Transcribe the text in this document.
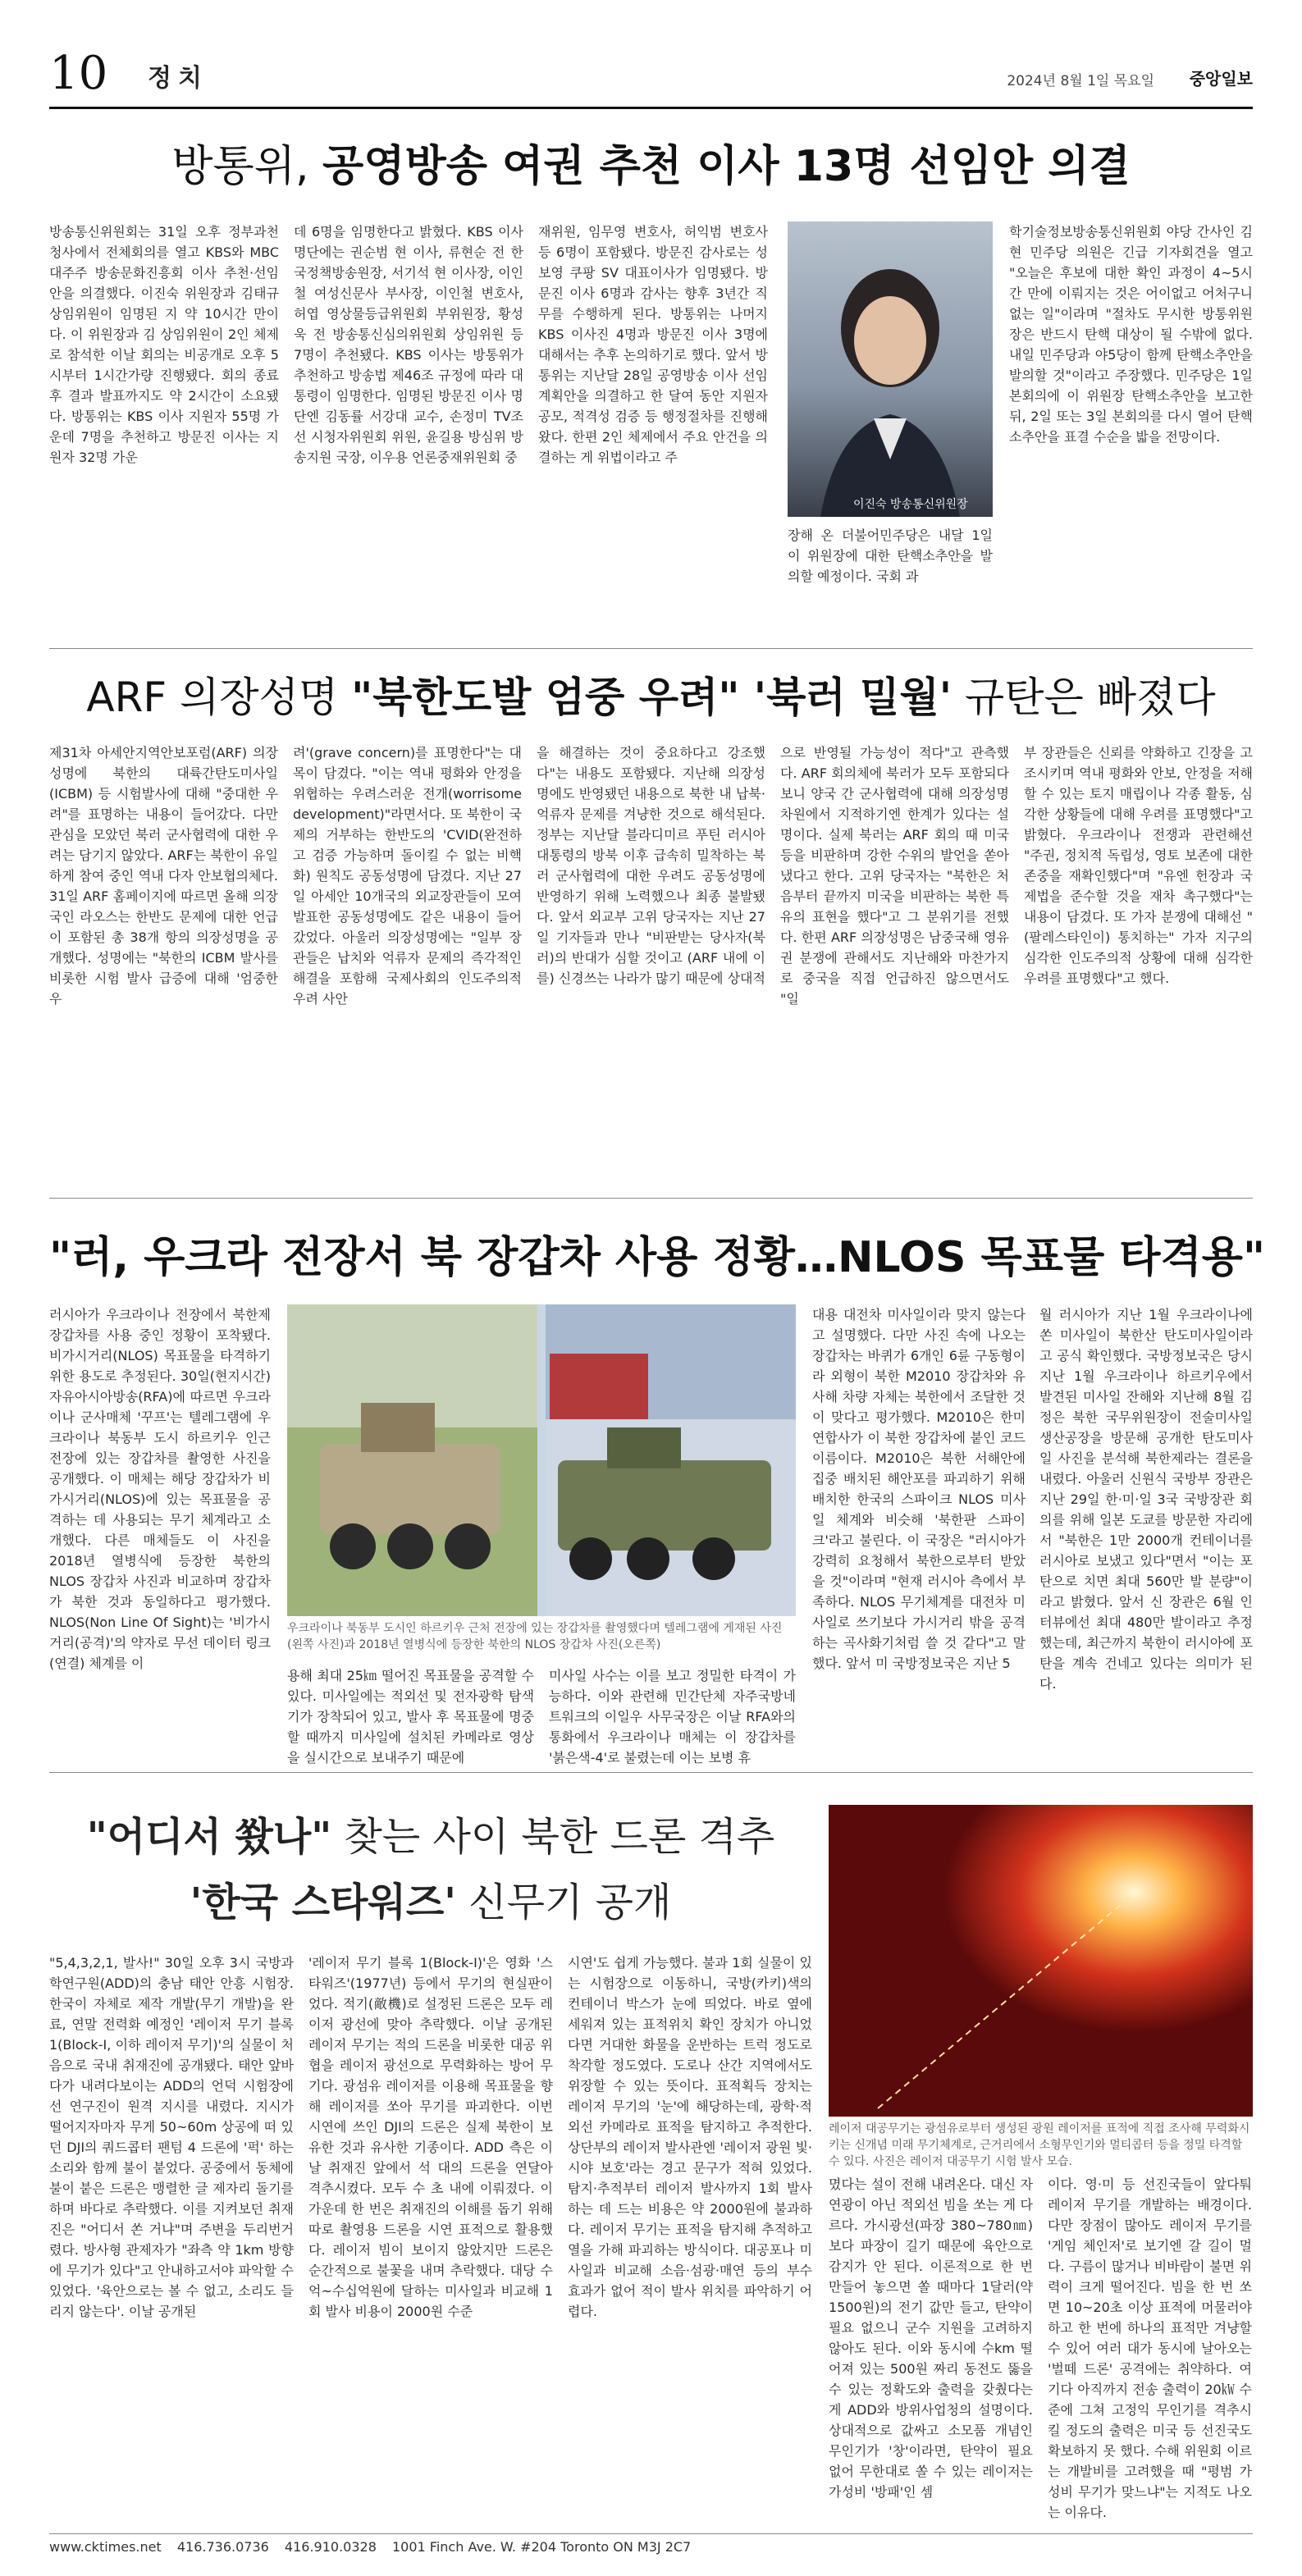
10 정치	2024년 8월 1일 목요일 중앙일보
방통위, 공영방송 여권 추천 이사 13명 선임안 의결
방송통신위원회는 31일 오후 정부과천청사에서 전체회의를 열고 KBS와 MBC 대주주 방송문화진흥회 이사 추천·선임안을 의결했다. 이진숙 위원장과 김태규 상임위원이 임명된 지 약 10시간 만이다. 이 위원장과 김 상임위원이 2인 체제로 참석한 이날 회의는 비공개로 오후 5시부터 1시간가량 진행됐다. 회의 종료 후 결과 발표까지도 약 2시간이 소요됐다. 방통위는 KBS 이사 지원자 55명 가운데 7명을 추천하고 방문진 이사는 지원자 32명 가운
데 6명을 임명한다고 밝혔다. KBS 이사 명단에는 권순범 현 이사, 류현순 전 한국정책방송원장, 서기석 현 이사장, 이인철 여성신문사 부사장, 이인철 변호사, 허엽 영상물등급위원회 부위원장, 황성욱 전 방송통신심의위원회 상임위원 등 7명이 추천됐다. KBS 이사는 방통위가 추천하고 방송법 제46조 규정에 따라 대통령이 임명한다. 임명된 방문진 이사 명단엔 김동률 서강대 교수, 손정미 TV조선 시청자위원회 위원, 윤길용 방심위 방송지원 국장, 이우용 언론중재위원회 중
재위원, 임무영 변호사, 허익범 변호사 등 6명이 포함됐다. 방문진 감사로는 성보영 쿠팡 SV 대표이사가 임명됐다. 방문진 이사 6명과 감사는 향후 3년간 직무를 수행하게 된다. 방통위는 나머지 KBS 이사진 4명과 방문진 이사 3명에 대해서는 추후 논의하기로 했다. 앞서 방통위는 지난달 28일 공영방송 이사 선임 계획안을 의결하고 한 달여 동안 지원자 공모, 적격성 검증 등 행정절차를 진행해왔다. 한편 2인 체제에서 주요 안건을 의결하는 게 위법이라고 주
이진숙 방송통신위원장
장해 온 더불어민주당은 내달 1일 이 위원장에 대한 탄핵소추안을 발의할 예정이다. 국회 과
학기술정보방송통신위원회 야당 간사인 김현 민주당 의원은 긴급 기자회견을 열고 "오늘은 후보에 대한 확인 과정이 4~5시간 만에 이뤄지는 것은 어이없고 어처구니없는 일"이라며 "절차도 무시한 방통위원장은 반드시 탄핵 대상이 될 수밖에 없다. 내일 민주당과 야5당이 함께 탄핵소추안을 발의할 것"이라고 주장했다. 민주당은 1일 본회의에 이 위원장 탄핵소추안을 보고한 뒤, 2일 또는 3일 본회의를 다시 열어 탄핵소추안을 표결 수순을 밟을 전망이다.
ARF 의장성명 "북한도발 엄중 우려" '북러 밀월' 규탄은 빠졌다
제31차 아세안지역안보포럼(ARF) 의장성명에 북한의 대륙간탄도미사일(ICBM) 등 시험발사에 대해 "중대한 우려"를 표명하는 내용이 들어갔다. 다만 관심을 모았던 북러 군사협력에 대한 우려는 담기지 않았다. ARF는 북한이 유일하게 참여 중인 역내 다자 안보협의체다. 31일 ARF 홈페이지에 따르면 올해 의장국인 라오스는 한반도 문제에 대한 언급이 포함된 총 38개 항의 의장성명을 공개했다. 성명에는 "북한의 ICBM 발사를 비롯한 시험 발사 급증에 대해 '엄중한 우
려'(grave concern)를 표명한다"는 대목이 담겼다. "이는 역내 평화와 안정을 위협하는 우려스러운 전개(worrisome development)"라면서다. 또 북한이 국제의 거부하는 한반도의 'CVID(완전하고 검증 가능하며 돌이킬 수 없는 비핵화) 원칙도 공동성명에 담겼다. 지난 27일 아세안 10개국의 외교장관들이 모여 발표한 공동성명에도 같은 내용이 들어갔었다. 아울러 의장성명에는 "일부 장관들은 납치와 억류자 문제의 즉각적인 해결을 포함해 국제사회의 인도주의적 우려 사안
을 해결하는 것이 중요하다고 강조했다"는 내용도 포함됐다. 지난해 의장성명에도 반영됐던 내용으로 북한 내 납북·억류자 문제를 겨냥한 것으로 해석된다. 정부는 지난달 블라디미르 푸틴 러시아 대통령의 방북 이후 급속히 밀착하는 북러 군사협력에 대한 우려도 공동성명에 반영하기 위해 노력했으나 최종 불발됐다. 앞서 외교부 고위 당국자는 지난 27일 기자들과 만나 "비판받는 당사자(북러)의 반대가 심할 것이고 (ARF 내에 이를) 신경쓰는 나라가 많기 때문에 상대적
으로 반영될 가능성이 적다"고 관측했다. ARF 회의체에 북러가 모두 포함되다 보니 양국 간 군사협력에 대해 의장성명 차원에서 지적하기엔 한계가 있다는 설명이다. 실제 북러는 ARF 회의 때 미국 등을 비판하며 강한 수위의 발언을 쏟아냈다고 한다. 고위 당국자는 "북한은 처음부터 끝까지 미국을 비판하는 북한 특유의 표현을 했다"고 그 분위기를 전했다. 한편 ARF 의장성명은 남중국해 영유권 분쟁에 관해서도 지난해와 마찬가지로 중국을 직접 언급하진 않으면서도 "일
부 장관들은 신뢰를 약화하고 긴장을 고조시키며 역내 평화와 안보, 안정을 저해할 수 있는 토지 매립이나 각종 활동, 심각한 상황들에 대해 우려를 표명했다"고 밝혔다. 우크라이나 전쟁과 관련해선 "주권, 정치적 독립성, 영토 보존에 대한 존중을 재확인했다"며 "유엔 헌장과 국제법을 준수할 것을 재차 촉구했다"는 내용이 담겼다. 또 가자 분쟁에 대해선 "(팔레스타인이) 통치하는" 가자 지구의 심각한 인도주의적 상황에 대해 심각한 우려를 표명했다"고 했다.
"러, 우크라 전장서 북 장갑차 사용 정황…NLOS 목표물 타격용"
러시아가 우크라이나 전장에서 북한제 장갑차를 사용 중인 정황이 포착됐다. 비가시거리(NLOS) 목표물을 타격하기 위한 용도로 추정된다. 30일(현지시간) 자유아시아방송(RFA)에 따르면 우크라이나 군사매체 '꾸프'는 텔레그램에 우크라이나 북동부 도시 하르키우 인근 전장에 있는 장갑차를 촬영한 사진을 공개했다. 이 매체는 해당 장갑차가 비가시거리(NLOS)에 있는 목표물을 공격하는 데 사용되는 무기 체계라고 소개했다. 다른 매체들도 이 사진을 2018년 열병식에 등장한 북한의 NLOS 장갑차 사진과 비교하며 장갑차가 북한 것과 동일하다고 평가했다. NLOS(Non Line Of Sight)는 '비가시거리(공격)'의 약자로 무선 데이터 링크(연결) 체계를 이
우크라이나 북동부 도시인 하르키우 근처 전장에 있는 장갑차를 촬영했다며 텔레그램에 게재된 사진(왼쪽 사진)과 2018년 열병식에 등장한 북한의 NLOS 장갑차 사진(오른쪽)
용해 최대 25㎞ 떨어진 목표물을 공격할 수 있다. 미사일에는 적외선 및 전자광학 탐색기가 장착되어 있고, 발사 후 목표물에 명중할 때까지 미사일에 설치된 카메라로 영상을 실시간으로 보내주기 때문에
미사일 사수는 이를 보고 정밀한 타격이 가능하다. 이와 관련해 민간단체 자주국방네트워크의 이일우 사무국장은 이날 RFA와의 통화에서 우크라이나 매체는 이 장갑차를 '붉은색-4'로 불렸는데 이는 보병 휴
대용 대전차 미사일이라 맞지 않는다고 설명했다. 다만 사진 속에 나오는 장갑차는 바퀴가 6개인 6륜 구동형이라 외형이 북한 M2010 장갑차와 유사해 차량 자체는 북한에서 조달한 것이 맞다고 평가했다. M2010은 한미연합사가 이 북한 장갑차에 붙인 코드이름이다. M2010은 북한 서해안에 집중 배치된 해안포를 파괴하기 위해 배치한 한국의 스파이크 NLOS 미사일 체계와 비슷해 '북한판 스파이크'라고 불린다. 이 국장은 "러시아가 강력히 요청해서 북한으로부터 받았을 것"이라며 "현재 러시아 측에서 부족하다. NLOS 무기체계를 대전차 미사일로 쓰기보다 가시거리 밖을 공격하는 곡사화기처럼 쓸 것 같다"고 말했다. 앞서 미 국방정보국은 지난 5
월 러시아가 지난 1월 우크라이나에 쏜 미사일이 북한산 탄도미사일이라고 공식 확인했다. 국방정보국은 당시 지난 1월 우크라이나 하르키우에서 발견된 미사일 잔해와 지난해 8월 김정은 북한 국무위원장이 전술미사일생산공장을 방문해 공개한 탄도미사일 사진을 분석해 북한제라는 결론을 내렸다. 아울러 신원식 국방부 장관은 지난 29일 한·미·일 3국 국방장관 회의를 위해 일본 도쿄를 방문한 자리에서 "북한은 1만 2000개 컨테이너를 러시아로 보냈고 있다"면서 "이는 포탄으로 치면 최대 560만 발 분량"이라고 밝혔다. 앞서 신 장관은 6월 인터뷰에선 최대 480만 발이라고 추정했는데, 최근까지 북한이 러시아에 포탄을 계속 건네고 있다는 의미가 된다.
"어디서 쐈나" 찾는 사이 북한 드론 격추
'한국 스타워즈' 신무기 공개
"5,4,3,2,1, 발사!" 30일 오후 3시 국방과학연구원(ADD)의 충남 태안 안흥 시험장. 한국이 자체로 제작 개발(무기 개발)을 완료, 연말 전력화 예정인 '레이저 무기 블록1(Block-I, 이하 레이저 무기)'의 실물이 처음으로 국내 취재진에 공개됐다. 태안 앞바다가 내려다보이는 ADD의 언덕 시험장에선 연구진이 원격 지시를 내렸다. 지시가 떨어지자마자 무게 50~60m 상공에 떠 있던 DJI의 쿼드콥터 팬텀 4 드론에 '퍽' 하는 소리와 함께 불이 붙었다. 공중에서 동체에 불이 붙은 드론은 맹렬한 글 제자리 돌기를 하며 바다로 추락했다. 이를 지켜보던 취재진은 "어디서 쏜 거냐"며 주변을 두리번거렸다. 방사형 관제자가 "좌측 약 1km 방향에 무기가 있다"고 안내하고서야 파악할 수 있었다. '육안으로는 볼 수 없고, 소리도 들리지 않는다'. 이날 공개된
'레이저 무기 블록 1(Block-I)'은 영화 '스타워즈'(1977년) 등에서 무기의 현실판이었다. 적기(敵機)로 설정된 드론은 모두 레이저 광선에 맞아 추락했다. 이날 공개된 레이저 무기는 적의 드론을 비롯한 대공 위협을 레이저 광선으로 무력화하는 방어 무기다. 광섬유 레이저를 이용해 목표물을 향해 레이저를 쏘아 무기를 파괴한다. 이번 시연에 쓰인 DJI의 드론은 실제 북한이 보유한 것과 유사한 기종이다. ADD 측은 이날 취재진 앞에서 석 대의 드론을 연달아 격추시켰다. 모두 수 초 내에 이뤄졌다. 이 가운데 한 번은 취재진의 이해를 돕기 위해 따로 촬영용 드론을 시연 표적으로 활용했다. 레이저 빔이 보이지 않았지만 드론은 순간적으로 불꽃을 내며 추락했다. 대당 수억~수십억원에 달하는 미사일과 비교해 1회 발사 비용이 2000원 수준
시연'도 쉽게 가능했다. 불과 1회 실물이 있는 시험장으로 이동하니, 국방(카키)색의 컨테이너 박스가 눈에 띄었다. 바로 옆에 세워져 있는 표적위치 확인 장치가 아니었다면 거대한 화물을 운반하는 트럭 정도로 착각할 정도였다. 도로나 산간 지역에서도 위장할 수 있는 뜻이다. 표적획득 장치는 레이저 무기의 '눈'에 해당하는데, 광학·적외선 카메라로 표적을 탐지하고 추적한다. 상단부의 레이저 발사관엔 '레이저 광원 빛·시야 보호'라는 경고 문구가 적혀 있었다. 탐지·추적부터 레이저 발사까지 1회 발사하는 데 드는 비용은 약 2000원에 불과하다. 레이저 무기는 표적을 탐지해 추적하고 열을 가해 파괴하는 방식이다. 대공포나 미사일과 비교해 소음·섬광·매연 등의 부수 효과가 없어 적이 발사 위치를 파악하기 어렵다.
레이저 대공무기는 광섬유로부터 생성된 광원 레이저를 표적에 직접 조사해 무력화시키는 신개념 미래 무기체계로, 근거리에서 소형무인기와 멀티콥터 등을 정밀 타격할 수 있다. 사진은 레이저 대공무기 시험 발사 모습.
몄다는 설이 전해 내려온다. 대신 자연광이 아닌 적외선 빔을 쏘는 게 다르다. 가시광선(파장 380~780㎚)보다 파장이 길기 때문에 육안으로 감지가 안 된다. 이론적으로 한 번 만들어 놓으면 쏠 때마다 1달러(약 1500원)의 전기 값만 들고, 탄약이 필요 없으니 군수 지원을 고려하지 않아도 된다. 이와 동시에 수km 떨어져 있는 500원 짜리 동전도 뚫을 수 있는 정확도와 출력을 갖췄다는 게 ADD와 방위사업청의 설명이다. 상대적으로 값싸고 소모품 개념인 무인기가 '창'이라면, 탄약이 필요 없어 무한대로 쏠 수 있는 레이저는 가성비 '방패'인 셈
이다. 영·미 등 선진국들이 앞다퉈 레이저 무기를 개발하는 배경이다. 다만 장점이 많아도 레이저 무기를 '게임 체인저'로 보기엔 갈 길이 멀다. 구름이 많거나 비바람이 불면 위력이 크게 떨어진다. 빔을 한 번 쏘면 10~20초 이상 표적에 머물러야 하고 한 번에 하나의 표적만 겨냥할 수 있어 여러 대가 동시에 날아오는 '벌떼 드론' 공격에는 취약하다. 여기다 아직까지 전송 출력이 20㎾ 수준에 그쳐 고정익 무인기를 격추시킬 정도의 출력은 미국 등 선진국도 확보하지 못 했다. 수해 위원회 이르는 개발비를 고려했을 때 "평범 가성비 무기가 맞느냐"는 지적도 나오는 이유다.
www.cktimes.net 416.736.0736 416.910.0328 1001 Finch Ave. W. #204 Toronto ON M3J 2C7
